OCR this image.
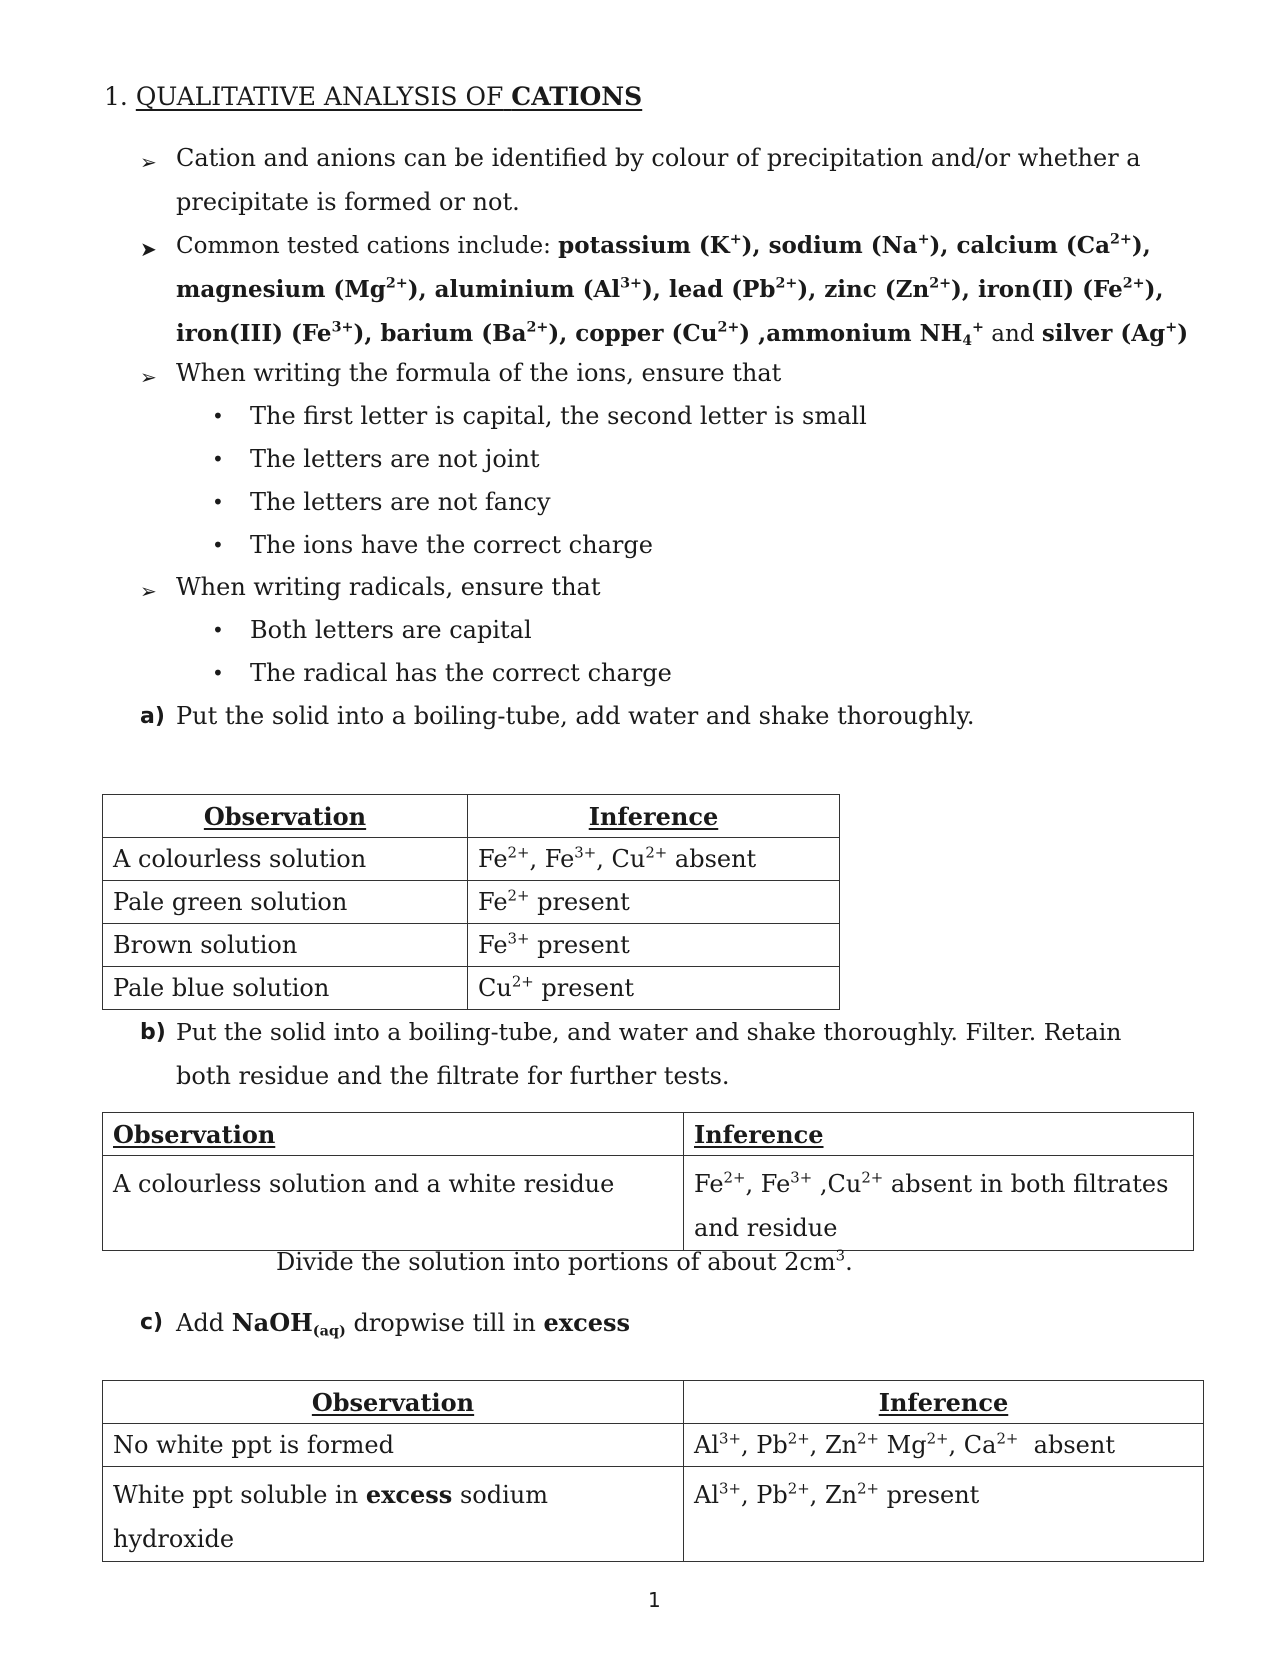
1. QUALITATIVE ANALYSIS OF CATIONS
➢ Cation and anions can be identified by colour of precipitation and/or whether a
precipitate is formed or not.
➤ Common tested cations include: potassium (K+), sodium (Na+), calcium $(Ca^{2+})$,
magnesium $(Mg^{2+})$, aluminium $(Al^{3+})$, lead $(Pb^{2+})$, zinc $(Zn^{2+})$, iron(II) $(Fe^{2+})$,
iron(III) $(Fe^{3+})$, barium $(Ba^{2+})$, copper $(Cu^{2+})$ ,ammonium $NH_4^+$ and silver (Ag+)
➢ When writing the formula of the ions, ensure that
• The first letter is capital, the second letter is small
• The letters are not joint
• The letters are not fancy
• The ions have the correct charge
➢ When writing radicals, ensure that
• Both letters are capital
• The radical has the correct charge
a) Put the solid into a boiling-tube, add water and shake thoroughly.
Observation	Inference
A colourless solution	$Fe^{2+}$, $Fe^{3+}$, $Cu^{2+}$ absent
Pale green solution	$Fe^{2+}$ present
Brown solution	$Fe^{3+}$ present
Pale blue solution	$Cu^{2+}$ present
b) Put the solid into a boiling-tube, and water and shake thoroughly. Filter. Retain
both residue and the filtrate for further tests.
Observation	Inference
A colourless solution and a white residue	$Fe^{2+}$, $Fe^{3+}$ $,Cu^{2+}$ absent in both filtrates
and residue
Divide the solution into portions of about $2cm^3$.
c) Add NaOH$_{(aq)}$ dropwise till in excess
Observation	Inference
No white ppt is formed	$Al^{3+}$, $Pb^{2+}$, $Zn^{2+}$ $Mg^{2+}$, $Ca^{2+}$ absent
White ppt soluble in excess sodium
hydroxide	$Al^{3+}$, $Pb^{2+}$, $Zn^{2+}$ present
1
